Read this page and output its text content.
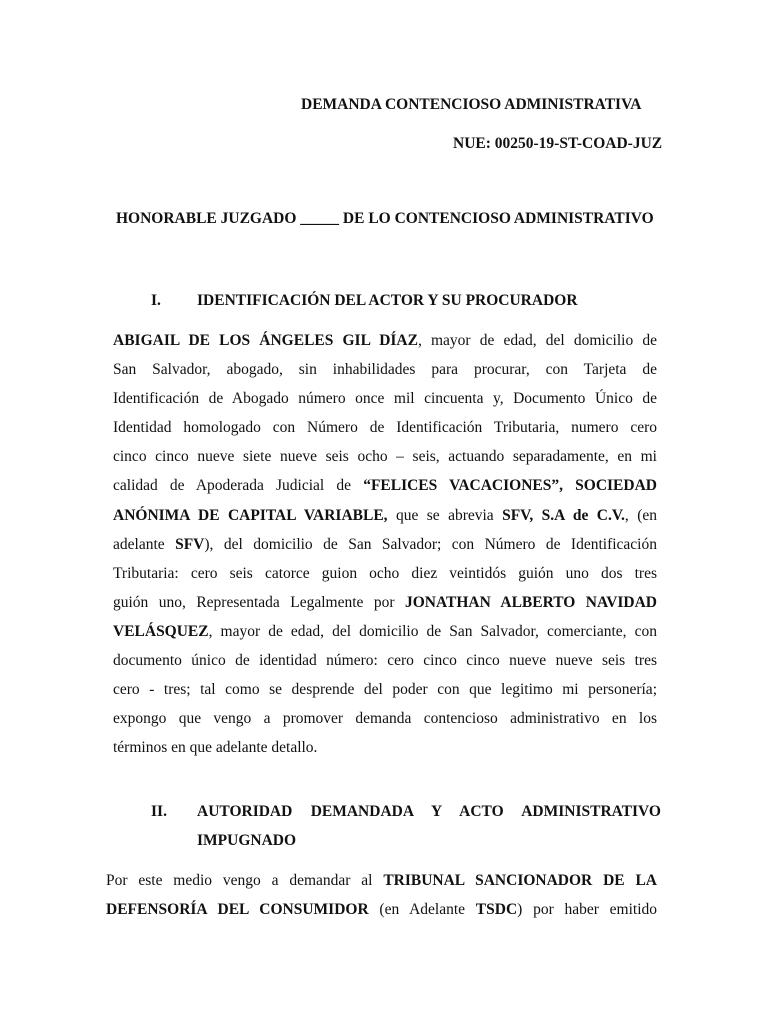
DEMANDA CONTENCIOSO ADMINISTRATIVA
NUE: 00250-19-ST-COAD-JUZ
HONORABLE JUZGADO _____ DE LO CONTENCIOSO ADMINISTRATIVO
I. IDENTIFICACIÓN DEL ACTOR Y SU PROCURADOR
ABIGAIL DE LOS ÁNGELES GIL DÍAZ, mayor de edad, del domicilio de
San Salvador, abogado, sin inhabilidades para procurar, con Tarjeta de
Identificación de Abogado número once mil cincuenta y, Documento Único de
Identidad homologado con Número de Identificación Tributaria, numero cero
cinco cinco nueve siete nueve seis ocho – seis, actuando separadamente, en mi
calidad de Apoderada Judicial de “FELICES VACACIONES”, SOCIEDAD
ANÓNIMA DE CAPITAL VARIABLE, que se abrevia SFV, S.A de C.V., (en
adelante SFV), del domicilio de San Salvador; con Número de Identificación
Tributaria: cero seis catorce guion ocho diez veintidós guión uno dos tres
guión uno, Representada Legalmente por JONATHAN ALBERTO NAVIDAD
VELÁSQUEZ, mayor de edad, del domicilio de San Salvador, comerciante, con
documento único de identidad número: cero cinco cinco nueve nueve seis tres
cero - tres; tal como se desprende del poder con que legitimo mi personería;
expongo que vengo a promover demanda contencioso administrativo en los
términos en que adelante detallo.
II. AUTORIDAD DEMANDADA Y ACTO ADMINISTRATIVO
IMPUGNADO
Por este medio vengo a demandar al TRIBUNAL SANCIONADOR DE LA
DEFENSORÍA DEL CONSUMIDOR (en Adelante TSDC) por haber emitido
